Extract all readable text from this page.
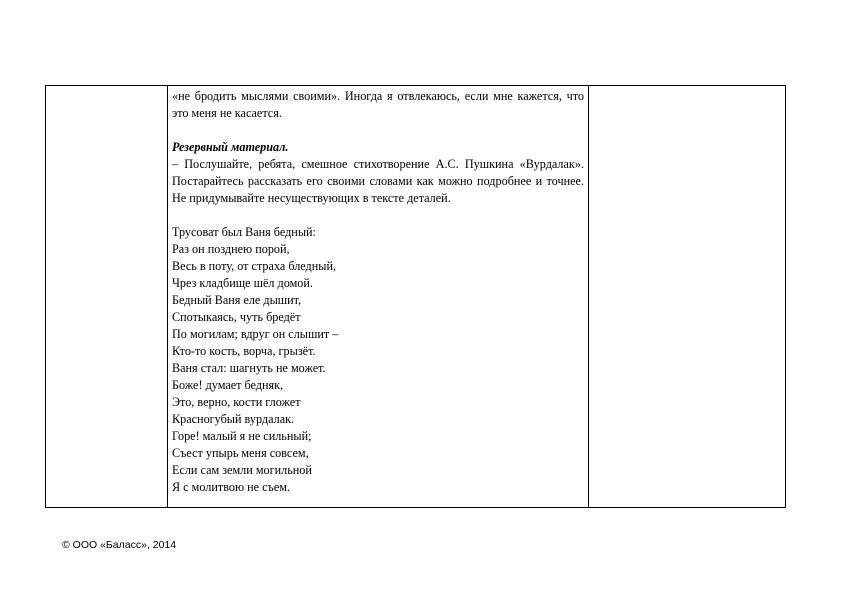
«не бродить мыслями своими». Иногда я отвлекаюсь, если мне кажется, что это меня не касается.

Резервный материал.

– Послушайте, ребята, смешное стихотворение А.С. Пушкина «Вурдалак». Постарайтесь рассказать его своими словами как можно подробнее и точнее. Не придумывайте несуществующих в тексте деталей.

Трусоват был Ваня бедный:

Раз он позднею порой,

Весь в поту, от страха бледный,

Чрез кладбище шёл домой.

Бедный Ваня еле дышит,

Спотыкаясь, чуть бредёт

По могилам; вдруг он слышит –

Кто-то кость, ворча, грызёт.

Ваня стал: шагнуть не может.

Боже! думает бедняк,

Это, верно, кости гложет

Красногубый вурдалак.

Горе! малый я не сильный;

Съест упырь меня совсем,

Если сам земли могильной

Я с молитвою не съем.

© ООО «Баласс», 2014
